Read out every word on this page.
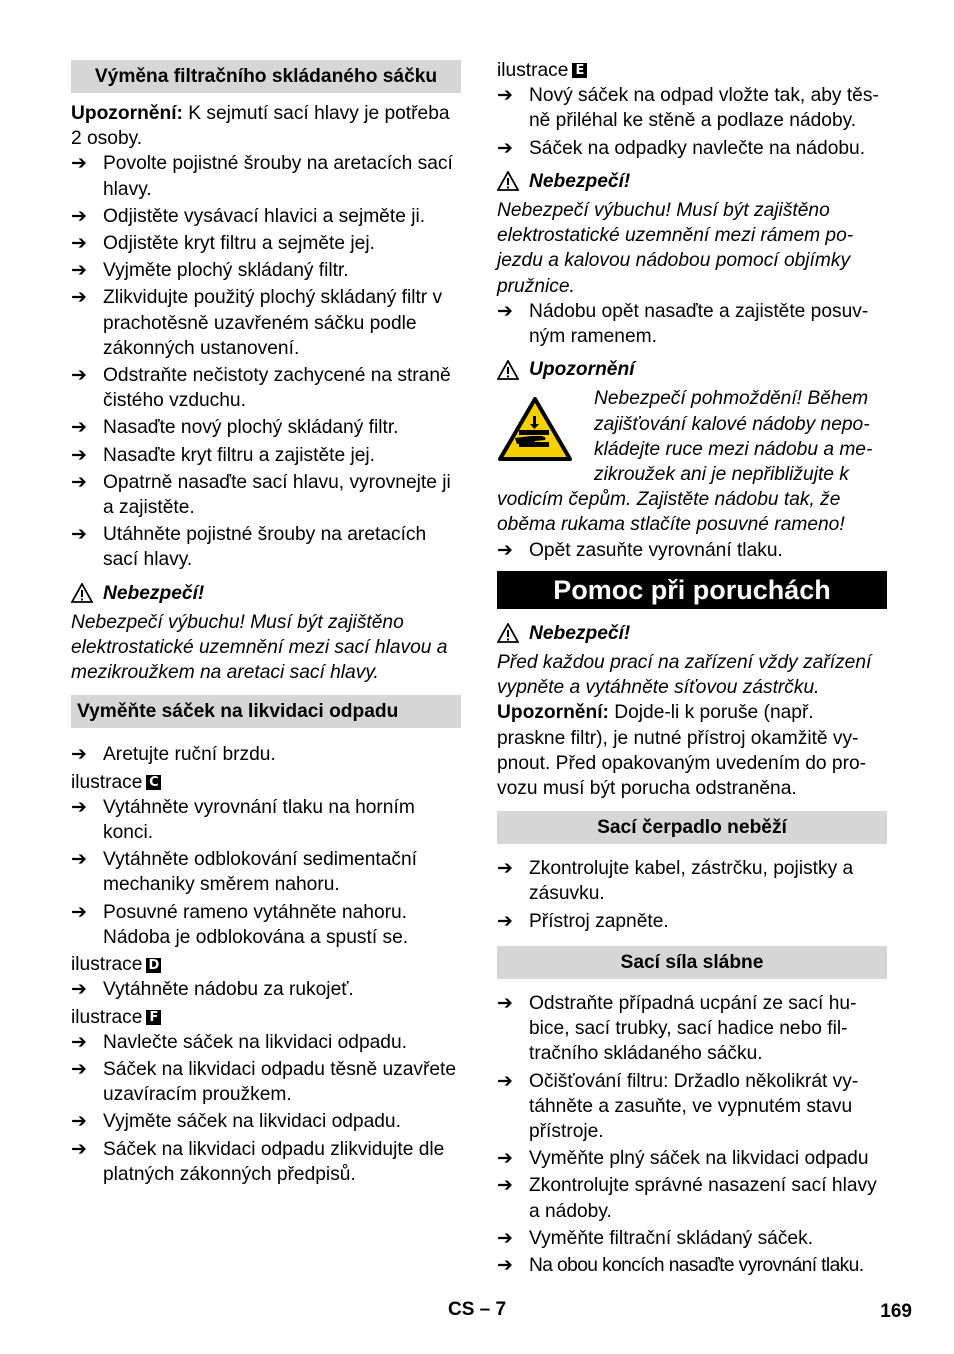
Výměna filtračního skládaného sáčku

Upozornění: K sejmutí sací hlavy je potřeba 2 osoby.

➔ Povolte pojistné šrouby na aretacích sací hlavy.
➔ Odjistěte vysávací hlavici a sejměte ji.
➔ Odjistěte kryt filtru a sejměte jej.
➔ Vyjměte plochý skládaný filtr.
➔ Zlikvidujte použitý plochý skládaný filtr v prachotěsně uzavřeném sáčku podle zákonných ustanovení.
➔ Odstraňte nečistoty zachycené na straně čistého vzduchu.
➔ Nasaďte nový plochý skládaný filtr.
➔ Nasaďte kryt filtru a zajistěte jej.
➔ Opatrně nasaďte sací hlavu, vyrovnejte ji a zajistěte.
➔ Utáhněte pojistné šrouby na aretacích sací hlavy.
Nebezpečí!

Nebezpečí výbuchu! Musí být zajištěno elektrostatické uzemnění mezi sací hlavou a mezikroužkem na aretaci sací hlavy.

Vyměňte sáček na likvidaci odpadu
➔ Aretujte ruční brzdu.

ilustrace C

➔ Vytáhněte vyrovnání tlaku na horním konci.
➔ Vytáhněte odblokování sedimentační mechaniky směrem nahoru.
➔ Posuvné rameno vytáhněte nahoru. Nádoba je odblokována a spustí se.

ilustrace D

➔ Vytáhněte nádobu za rukojeť.

ilustrace F

➔ Navlečte sáček na likvidaci odpadu.
➔ Sáček na likvidaci odpadu těsně uzavřete uzavíracím proužkem.
➔ Vyjměte sáček na likvidaci odpadu.
➔ Sáček na likvidaci odpadu zlikvidujte dle platných zákonných předpisů.

ilustrace E

➔ Nový sáček na odpad vložte tak, aby těsně přiléhal ke stěně a podlaze nádoby.
➔ Sáček na odpadky navlečte na nádobu.
Nebezpečí!

Nebezpečí výbuchu! Musí být zajištěno elektrostatické uzemnění mezi rámem pojezdu a kalovou nádobou pomocí objímky pružnice.

➔ Nádobu opět nasaďte a zajistěte posuvným ramenem.
Upozornění

Nebezpečí pohmoždění! Během zajišťování kalové nádoby nepokládejte ruce mezi nádobu a mezikroužek ani je nepřibližujte k vodicím čepům. Zajistěte nádobu tak, že oběma rukama stlačíte posuvné rameno!

➔ Opět zasuňte vyrovnání tlaku.
Pomoc při poruchách
Nebezpečí!

Před každou prací na zařízení vždy zařízení vypněte a vytáhněte síťovou zástrčku.

Upozornění: Dojde-li k poruše (např. praskne filtr), je nutné přístroj okamžitě vypnout. Před opakovaným uvedením do provozu musí být porucha odstraněna.

Sací čerpadlo neběží
➔ Zkontrolujte kabel, zástrčku, pojistky a zásuvku.
➔ Přístroj zapněte.
Sací síla slábne
➔ Odstraňte případná ucpání ze sací hubice, sací trubky, sací hadice nebo filtračního skládaného sáčku.
➔ Očišťování filtru: Držadlo několikrát vytáhněte a zasuňte, ve vypnutém stavu přístroje.
➔ Vyměňte plný sáček na likvidaci odpadu
➔ Zkontrolujte správné nasazení sací hlavy a nádoby.
➔ Vyměňte filtrační skládaný sáček.
➔ Na obou koncích nasaďte vyrovnání tlaku.
CS – 7	169
